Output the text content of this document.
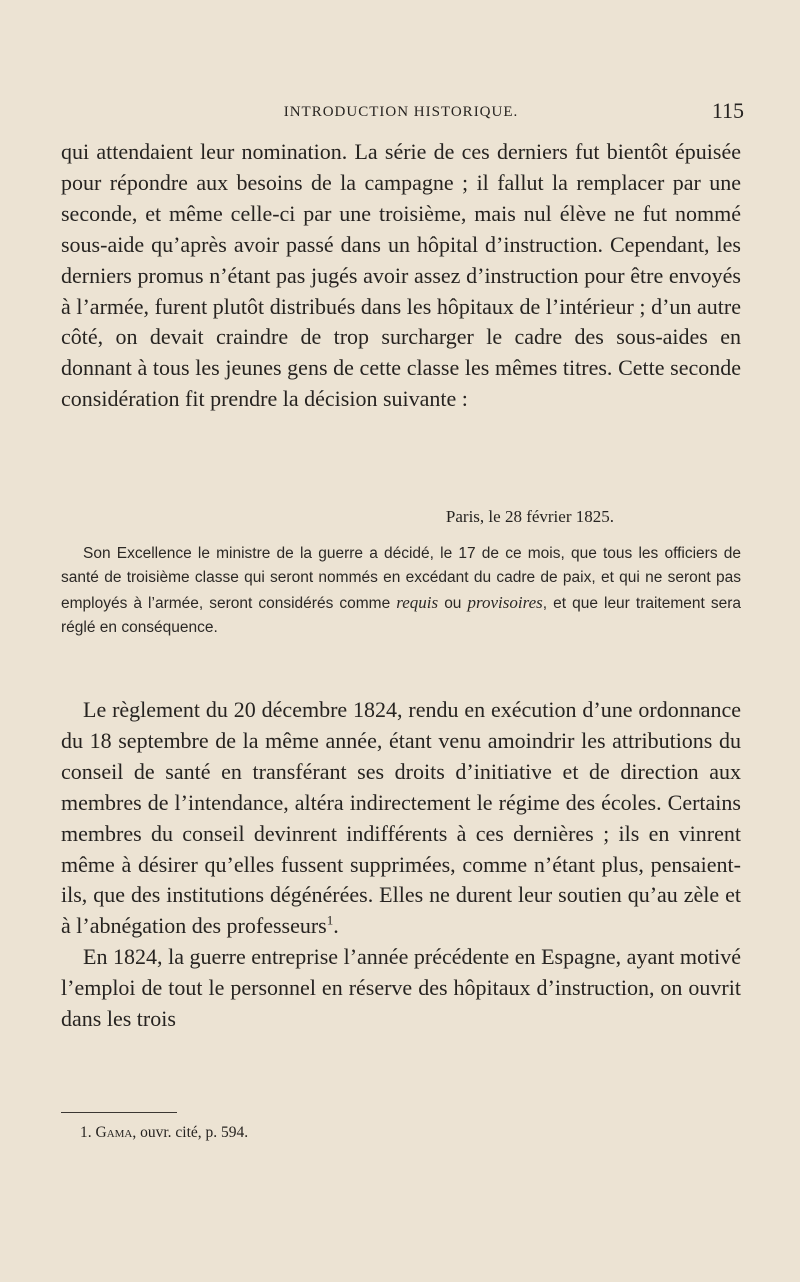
INTRODUCTION HISTORIQUE.	115

qui attendaient leur nomination. La série de ces derniers fut bientôt épuisée pour répondre aux besoins de la campagne ; il fallut la remplacer par une seconde, et même celle-ci par une troisième, mais nul élève ne fut nommé sous-aide qu’après avoir passé dans un hôpital d’instruction. Cependant, les derniers promus n’étant pas jugés avoir assez d’instruction pour être envoyés à l’armée, furent plutôt distribués dans les hôpitaux de l’intérieur ; d’un autre côté, on devait craindre de trop surcharger le cadre des sous-aides en donnant à tous les jeunes gens de cette classe les mêmes titres. Cette seconde considération fit prendre la décision suivante :

Paris, le 28 février 1825.

Son Excellence le ministre de la guerre a décidé, le 17 de ce mois, que tous les officiers de santé de troisième classe qui seront nommés en excédant du cadre de paix, et qui ne seront pas employés à l’armée, seront considérés comme requis ou provisoires, et que leur traitement sera réglé en conséquence.

Le règlement du 20 décembre 1824, rendu en exécution d’une ordonnance du 18 septembre de la même année, étant venu amoindrir les attributions du conseil de santé en transférant ses droits d’initiative et de direction aux membres de l’intendance, altéra indirectement le régime des écoles. Certains membres du conseil devinrent indifférents à ces dernières ; ils en vinrent même à désirer qu’elles fussent supprimées, comme n’étant plus, pensaient-ils, que des institutions dégénérées. Elles ne durent leur soutien qu’au zèle et à l’abnégation des professeurs$^1$.

En 1824, la guerre entreprise l’année précédente en Espagne, ayant motivé l’emploi de tout le personnel en réserve des hôpitaux d’instruction, on ouvrit dans les trois

1. Gama, ouvr. cité, p. 594.
